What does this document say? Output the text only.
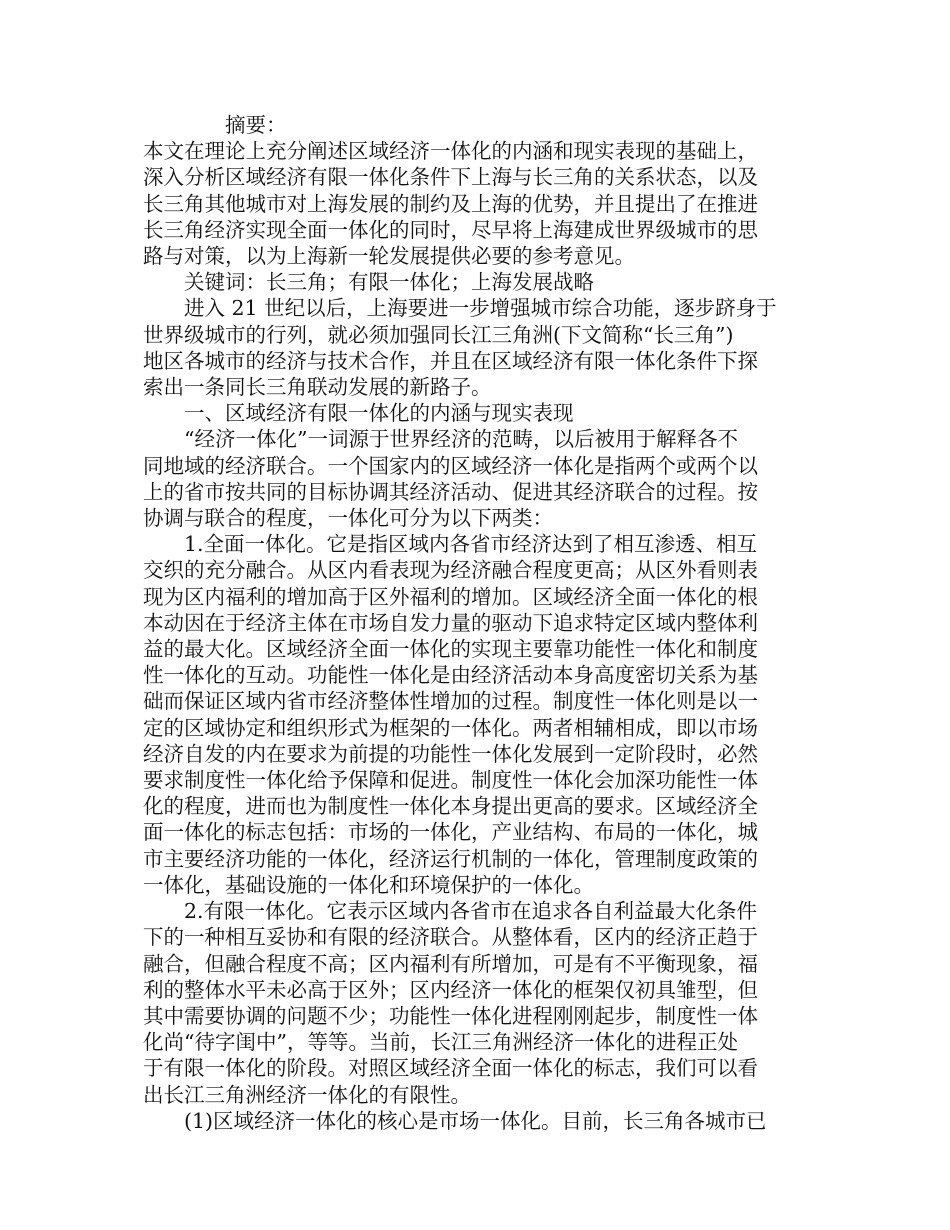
摘要：
本文在理论上充分阐述区域经济一体化的内涵和现实表现的基础上，
深入分析区域经济有限一体化条件下上海与长三角的关系状态，以及
长三角其他城市对上海发展的制约及上海的优势，并且提出了在推进
长三角经济实现全面一体化的同时，尽早将上海建成世界级城市的思
路与对策，以为上海新一轮发展提供必要的参考意见。
关键词：长三角；有限一体化；上海发展战略
进入 21 世纪以后，上海要进一步增强城市综合功能，逐步跻身于
世界级城市的行列，就必须加强同长江三角洲(下文简称“长三角”)
地区各城市的经济与技术合作，并且在区域经济有限一体化条件下探
索出一条同长三角联动发展的新路子。
一、区域经济有限一体化的内涵与现实表现
“经济一体化”一词源于世界经济的范畴，以后被用于解释各不
同地域的经济联合。一个国家内的区域经济一体化是指两个或两个以
上的省市按共同的目标协调其经济活动、促进其经济联合的过程。按
协调与联合的程度，一体化可分为以下两类：
1.全面一体化。它是指区域内各省市经济达到了相互渗透、相互
交织的充分融合。从区内看表现为经济融合程度更高；从区外看则表
现为区内福利的增加高于区外福利的增加。区域经济全面一体化的根
本动因在于经济主体在市场自发力量的驱动下追求特定区域内整体利
益的最大化。区域经济全面一体化的实现主要靠功能性一体化和制度
性一体化的互动。功能性一体化是由经济活动本身高度密切关系为基
础而保证区域内省市经济整体性增加的过程。制度性一体化则是以一
定的区域协定和组织形式为框架的一体化。两者相辅相成，即以市场
经济自发的内在要求为前提的功能性一体化发展到一定阶段时，必然
要求制度性一体化给予保障和促进。制度性一体化会加深功能性一体
化的程度，进而也为制度性一体化本身提出更高的要求。区域经济全
面一体化的标志包括：市场的一体化，产业结构、布局的一体化，城
市主要经济功能的一体化，经济运行机制的一体化，管理制度政策的
一体化，基础设施的一体化和环境保护的一体化。
2.有限一体化。它表示区域内各省市在追求各自利益最大化条件
下的一种相互妥协和有限的经济联合。从整体看，区内的经济正趋于
融合，但融合程度不高；区内福利有所增加，可是有不平衡现象，福
利的整体水平未必高于区外；区内经济一体化的框架仅初具雏型，但
其中需要协调的问题不少；功能性一体化进程刚刚起步，制度性一体
化尚“待字闺中”，等等。当前，长江三角洲经济一体化的进程正处
于有限一体化的阶段。对照区域经济全面一体化的标志，我们可以看
出长江三角洲经济一体化的有限性。
(1)区域经济一体化的核心是市场一体化。目前，长三角各城市已
